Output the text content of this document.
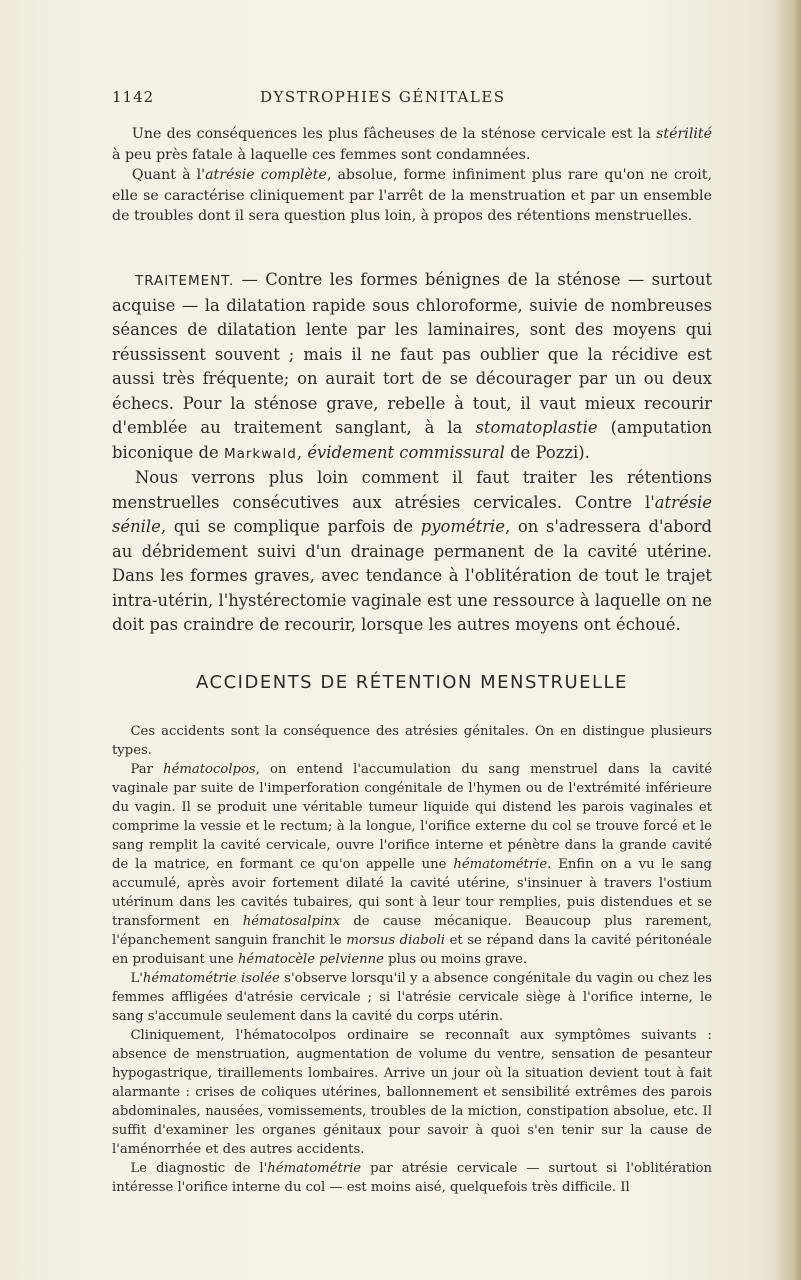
1142	DYSTROPHIES GÉNITALES

Une des conséquences les plus fâcheuses de la sténose cervicale est la stérilité à peu près fatale à laquelle ces femmes sont condamnées.

Quant à l'atrésie complète, absolue, forme infiniment plus rare qu'on ne croit, elle se caractérise cliniquement par l'arrêt de la menstruation et par un ensemble de troubles dont il sera question plus loin, à propos des rétentions menstruelles.

TRAITEMENT. — Contre les formes bénignes de la sténose — surtout acquise — la dilatation rapide sous chloroforme, suivie de nombreuses séances de dilatation lente par les laminaires, sont des moyens qui réussissent souvent ; mais il ne faut pas oublier que la récidive est aussi très fréquente; on aurait tort de se décourager par un ou deux échecs. Pour la sténose grave, rebelle à tout, il vaut mieux recourir d'emblée au traitement sanglant, à la stomatoplastie (amputation biconique de Markwald, évidement commissural de Pozzi).

Nous verrons plus loin comment il faut traiter les rétentions menstruelles consécutives aux atrésies cervicales. Contre l'atrésie sénile, qui se complique parfois de pyométrie, on s'adressera d'abord au débridement suivi d'un drainage permanent de la cavité utérine. Dans les formes graves, avec tendance à l'oblitération de tout le trajet intra-utérin, l'hystérectomie vaginale est une ressource à laquelle on ne doit pas craindre de recourir, lorsque les autres moyens ont échoué.

ACCIDENTS DE RÉTENTION MENSTRUELLE

Ces accidents sont la conséquence des atrésies génitales. On en distingue plusieurs types.

Par hématocolpos, on entend l'accumulation du sang menstruel dans la cavité vaginale par suite de l'imperforation congénitale de l'hymen ou de l'extrémité inférieure du vagin. Il se produit une véritable tumeur liquide qui distend les parois vaginales et comprime la vessie et le rectum; à la longue, l'orifice externe du col se trouve forcé et le sang remplit la cavité cervicale, ouvre l'orifice interne et pénètre dans la grande cavité de la matrice, en formant ce qu'on appelle une hématométrie. Enfin on a vu le sang accumulé, après avoir fortement dilaté la cavité utérine, s'insinuer à travers l'ostium utérinum dans les cavités tubaires, qui sont à leur tour remplies, puis distendues et se transforment en hématosalpinx de cause mécanique. Beaucoup plus rarement, l'épanchement sanguin franchit le morsus diaboli et se répand dans la cavité péritonéale en produisant une hématocèle pelvienne plus ou moins grave.

L'hématométrie isolée s'observe lorsqu'il y a absence congénitale du vagin ou chez les femmes affligées d'atrésie cervicale ; si l'atrésie cervicale siège à l'orifice interne, le sang s'accumule seulement dans la cavité du corps utérin.

Cliniquement, l'hématocolpos ordinaire se reconnaît aux symptômes suivants : absence de menstruation, augmentation de volume du ventre, sensation de pesanteur hypogastrique, tiraillements lombaires. Arrive un jour où la situation devient tout à fait alarmante : crises de coliques utérines, ballonnement et sensibilité extrêmes des parois abdominales, nausées, vomissements, troubles de la miction, constipation absolue, etc. Il suffit d'examiner les organes génitaux pour savoir à quoi s'en tenir sur la cause de l'aménorrhée et des autres accidents.

Le diagnostic de l'hématométrie par atrésie cervicale — surtout si l'oblitération intéresse l'orifice interne du col — est moins aisé, quelquefois très difficile. Il
